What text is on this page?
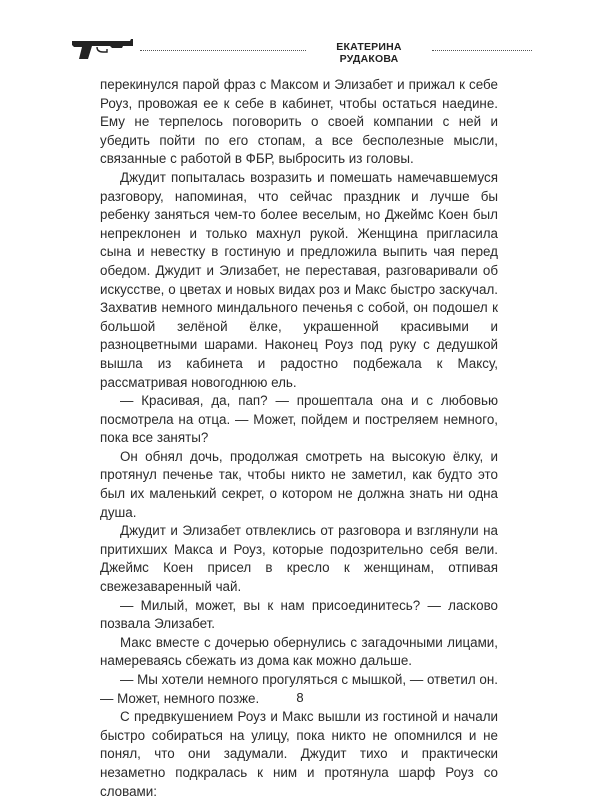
ЕКАТЕРИНА РУДАКОВА

перекинулся парой фраз с Максом и Элизабет и прижал к себе Роуз, провожая ее к себе в кабинет, чтобы остаться наедине. Ему не терпелось поговорить о своей компании с ней и убедить пойти по его стопам, а все бесполезные мысли, связанные с работой в ФБР, выбросить из головы.

Джудит попыталась возразить и помешать намечавшемуся разговору, напоминая, что сейчас праздник и лучше бы ребенку заняться чем-то более веселым, но Джеймс Коен был непреклонен и только махнул рукой. Женщина пригласила сына и невестку в гостиную и предложила выпить чая перед обедом. Джудит и Элизабет, не переставая, разговаривали об искусстве, о цветах и новых видах роз и Макс быстро заскучал. Захватив немного миндального печенья с собой, он подошел к большой зелёной ёлке, украшенной красивыми и разноцветными шарами. Наконец Роуз под руку с дедушкой вышла из кабинета и радостно подбежала к Максу, рассматривая новогоднюю ель.

— Красивая, да, пап? — прошептала она и с любовью посмотрела на отца. — Может, пойдем и постреляем немного, пока все заняты?

Он обнял дочь, продолжая смотреть на высокую ёлку, и протянул печенье так, чтобы никто не заметил, как будто это был их маленький секрет, о котором не должна знать ни одна душа.

Джудит и Элизабет отвлеклись от разговора и взглянули на притихших Макса и Роуз, которые подозрительно себя вели. Джеймс Коен присел в кресло к женщинам, отпивая свежезаваренный чай.

— Милый, может, вы к нам присоединитесь? — ласково позвала Элизабет.

Макс вместе с дочерью обернулись с загадочными лицами, намереваясь сбежать из дома как можно дальше.

— Мы хотели немного прогуляться с мышкой, — ответил он. — Может, немного позже.

С предвкушением Роуз и Макс вышли из гостиной и начали быстро собираться на улицу, пока никто не опомнился и не понял, что они задумали. Джудит тихо и практически незаметно подкралась к ним и протянула шарф Роуз со словами:

8
